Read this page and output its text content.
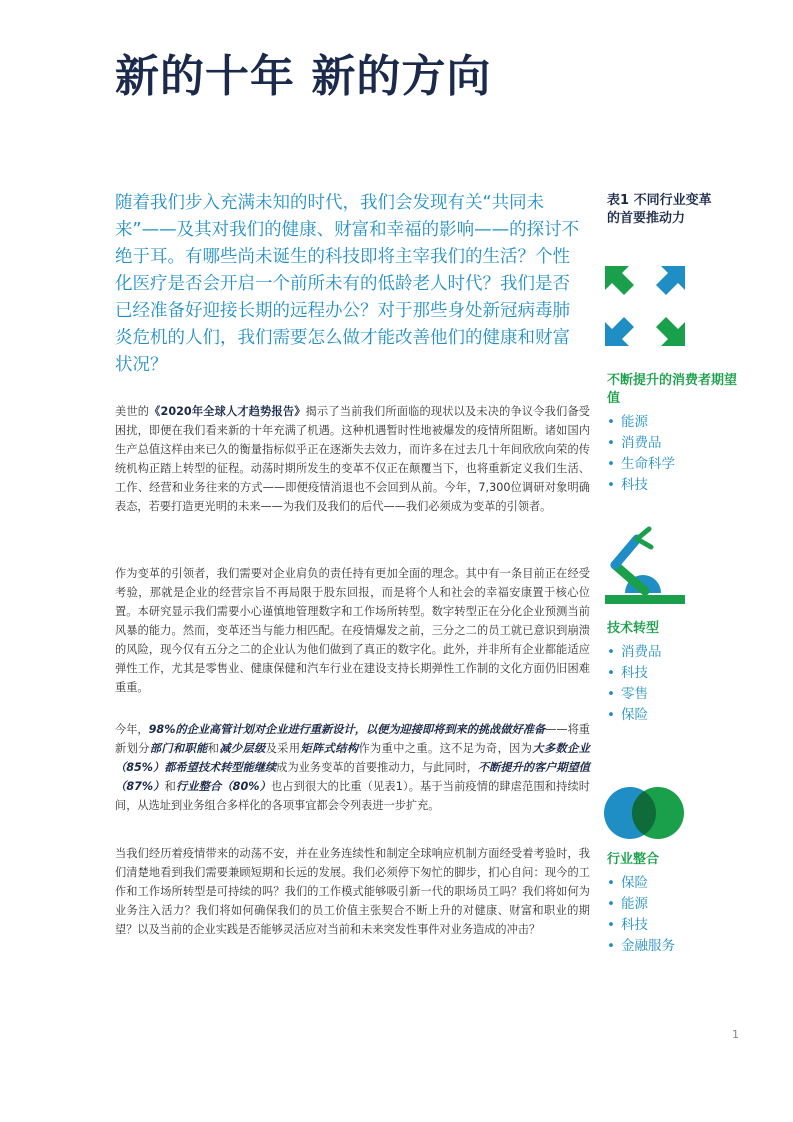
新的十年 新的方向

随着我们步入充满未知的时代，我们会发现有关“共同未来”——及其对我们的健康、财富和幸福的影响——的探讨不绝于耳。有哪些尚未诞生的科技即将主宰我们的生活？个性化医疗是否会开启一个前所未有的低龄老人时代？我们是否已经准备好迎接长期的远程办公？对于那些身处新冠病毒肺炎危机的人们，我们需要怎么做才能改善他们的健康和财富状况？

美世的《2020年全球人才趋势报告》揭示了当前我们所面临的现状以及未决的争议令我们备受困扰，即便在我们看来新的十年充满了机遇。这种机遇暂时性地被爆发的疫情所阻断。诸如国内生产总值这样由来已久的衡量指标似乎正在逐渐失去效力，而许多在过去几十年间欣欣向荣的传统机构正踏上转型的征程。动荡时期所发生的变革不仅正在颠覆当下，也将重新定义我们生活、工作、经营和业务往来的方式——即便疫情消退也不会回到从前。今年，7,300位调研对象明确表态，若要打造更光明的未来——为我们及我们的后代——我们必须成为变革的引领者。

作为变革的引领者，我们需要对企业肩负的责任持有更加全面的理念。其中有一条目前正在经受考验，那就是企业的经营宗旨不再局限于股东回报，而是将个人和社会的幸福安康置于核心位置。本研究显示我们需要小心谨慎地管理数字和工作场所转型。数字转型正在分化企业预测当前风暴的能力。然而，变革还当与能力相匹配。在疫情爆发之前，三分之二的员工就已意识到崩溃的风险，现今仅有五分之二的企业认为他们做到了真正的数字化。此外，并非所有企业都能适应弹性工作，尤其是零售业、健康保健和汽车行业在建设支持长期弹性工作制的文化方面仍旧困难重重。

今年，98%的企业高管计划对企业进行重新设计，以便为迎接即将到来的挑战做好准备——将重新划分部门和职能和减少层级及采用矩阵式结构作为重中之重。这不足为奇，因为大多数企业（85%）都希望技术转型能继续成为业务变革的首要推动力，与此同时，不断提升的客户期望值（87%）和行业整合（80%）也占到很大的比重（见表1）。基于当前疫情的肆虐范围和持续时间，从选址到业务组合多样化的各项事宜都会令列表进一步扩充。

当我们经历着疫情带来的动荡不安，并在业务连续性和制定全球响应机制方面经受着考验时，我们清楚地看到我们需要兼顾短期和长远的发展。我们必须停下匆忙的脚步，扪心自问：现今的工作和工作场所转型是可持续的吗？我们的工作模式能够吸引新一代的职场员工吗？我们将如何为业务注入活力？我们将如何确保我们的员工价值主张契合不断上升的对健康、财富和职业的期望？以及当前的企业实践是否能够灵活应对当前和未来突发性事件对业务造成的冲击？

表1 不同行业变革的首要推动力

不断提升的消费者期望值

• 能源
• 消费品
• 生命科学
• 科技

技术转型

• 消费品
• 科技
• 零售
• 保险

行业整合

• 保险
• 能源
• 科技
• 金融服务
1
